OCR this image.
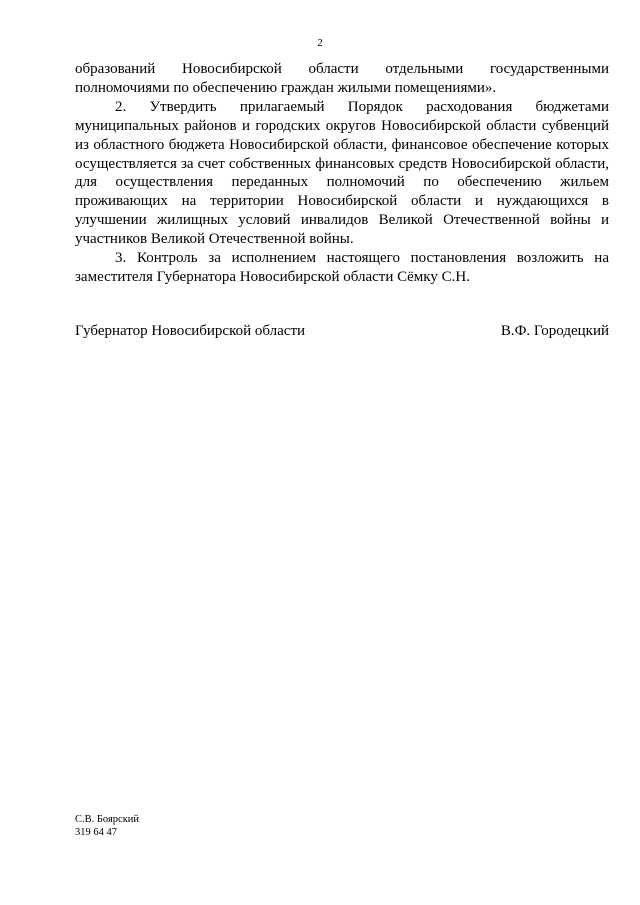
2

образований Новосибирской области отдельными государственными полномочиями по обеспечению граждан жилыми помещениями».

2. Утвердить прилагаемый Порядок расходования бюджетами муниципальных районов и городских округов Новосибирской области субвенций из областного бюджета Новосибирской области, финансовое обеспечение которых осуществляется за счет собственных финансовых средств Новосибирской области, для осуществления переданных полномочий по обеспечению жильем проживающих на территории Новосибирской области и нуждающихся в улучшении жилищных условий инвалидов Великой Отечественной войны и участников Великой Отечественной войны.

3. Контроль за исполнением настоящего постановления возложить на заместителя Губернатора Новосибирской области Сёмку С.Н.

Губернатор Новосибирской области	В.Ф. Городецкий
С.В. Боярский
319 64 47
